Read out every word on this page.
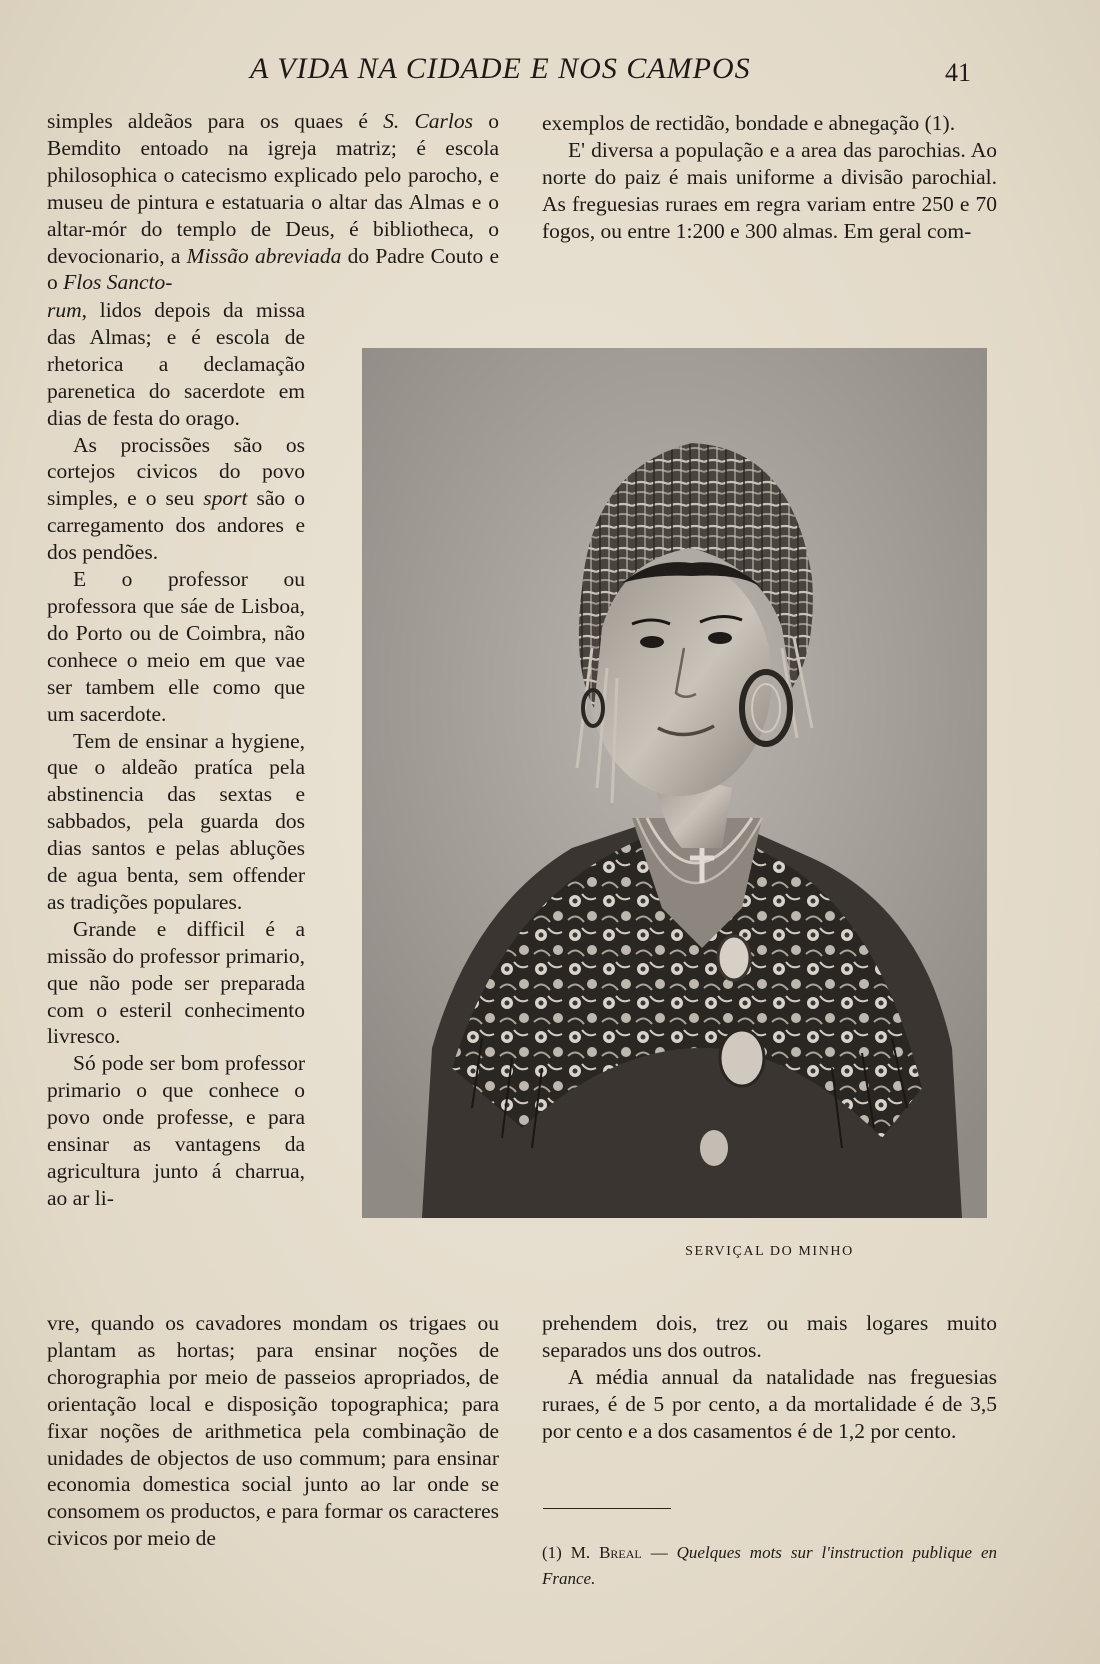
A VIDA NA CIDADE E NOS CAMPOS	41

simples aldeãos para os quaes é S. Carlos o Bemdito entoado na igreja matriz; é escola philosophica o catecismo explicado pelo parocho, e museu de pintura e estatuaria o altar das Almas e o altar-mór do templo de Deus, é bibliotheca, o devocionario, a Missão abreviada do Padre Couto e o Flos Sancto-

rum, lidos depois da missa das Almas; e é escola de rhetorica a declamação parenetica do sacerdote em dias de festa do orago.

As procissões são os cortejos civicos do povo simples, e o seu sport são o carregamento dos andores e dos pendões.

E o professor ou professora que sáe de Lisboa, do Porto ou de Coimbra, não conhece o meio em que vae ser tambem elle como que um sacerdote.

Tem de ensinar a hygiene, que o aldeão pratíca pela abstinencia das sextas e sabbados, pela guarda dos dias santos e pelas abluções de agua benta, sem offender as tradições populares.

Grande e difficil é a missão do professor primario, que não pode ser preparada com o esteril conhecimento livresco.

Só pode ser bom professor primario o que conhece o povo onde professe, e para ensinar as vantagens da agricultura junto á charrua, ao ar li-

exemplos de rectidão, bondade e abnegação (1).

E' diversa a população e a area das parochias. Ao norte do paiz é mais uniforme a divisão parochial. As freguesias ruraes em regra variam entre 250 e 70 fogos, ou entre 1:200 e 300 almas. Em geral com-

SERVIÇAL DO MINHO

vre, quando os cavadores mondam os trigaes ou plantam as hortas; para ensinar noções de chorographia por meio de passeios apropriados, de orientação local e disposição topographica; para fixar noções de arithmetica pela combinação de unidades de objectos de uso commum; para ensinar economia domestica social junto ao lar onde se consomem os productos, e para formar os caracteres civicos por meio de

prehendem dois, trez ou mais logares muito separados uns dos outros.

A média annual da natalidade nas freguesias ruraes, é de 5 por cento, a da mortalidade é de 3,5 por cento e a dos casamentos é de 1,2 por cento.

(1) M. Breal — Quelques mots sur l'instruction publique en France.
